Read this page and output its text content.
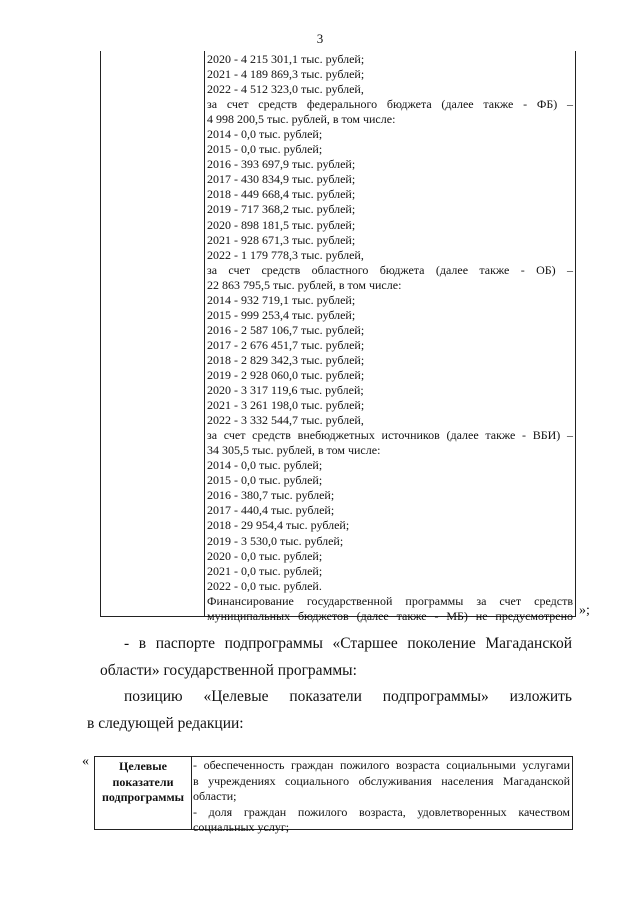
3
2020 - 4 215 301,1 тыс. рублей;
2021 - 4 189 869,3 тыс. рублей;
2022 - 4 512 323,0 тыс. рублей,
за счет средств федерального бюджета (далее также - ФБ) –
4 998 200,5 тыс. рублей, в том числе:
2014 - 0,0 тыс. рублей;
2015 - 0,0 тыс. рублей;
2016 - 393 697,9 тыс. рублей;
2017 - 430 834,9 тыс. рублей;
2018 - 449 668,4 тыс. рублей;
2019 - 717 368,2 тыс. рублей;
2020 - 898 181,5 тыс. рублей;
2021 - 928 671,3 тыс. рублей;
2022 - 1 179 778,3 тыс. рублей,
за счет средств областного бюджета (далее также - ОБ) –
22 863 795,5 тыс. рублей, в том числе:
2014 - 932 719,1 тыс. рублей;
2015 - 999 253,4 тыс. рублей;
2016 - 2 587 106,7 тыс. рублей;
2017 - 2 676 451,7 тыс. рублей;
2018 - 2 829 342,3 тыс. рублей;
2019 - 2 928 060,0 тыс. рублей;
2020 - 3 317 119,6 тыс. рублей;
2021 - 3 261 198,0 тыс. рублей;
2022 - 3 332 544,7 тыс. рублей,
за счет средств внебюджетных источников (далее также - ВБИ) –
34 305,5 тыс. рублей, в том числе:
2014 - 0,0 тыс. рублей;
2015 - 0,0 тыс. рублей;
2016 - 380,7 тыс. рублей;
2017 - 440,4 тыс. рублей;
2018 - 29 954,4 тыс. рублей;
2019 - 3 530,0 тыс. рублей;
2020 - 0,0 тыс. рублей;
2021 - 0,0 тыс. рублей;
2022 - 0,0 тыс. рублей.
Финансирование государственной программы за счет средств
муниципальных бюджетов (далее также - МБ) не предусмотрено »;
- в паспорте подпрограммы «Старшее поколение Магаданской
области» государственной программы:
позицию «Целевые показатели подпрограммы» изложить
в следующей редакции:
«	Целевые показатели подпрограммы
- обеспеченность граждан пожилого возраста социальными услугами
в учреждениях социального обслуживания населения Магаданской
области;
- доля граждан пожилого возраста, удовлетворенных качеством
социальных услуг;
